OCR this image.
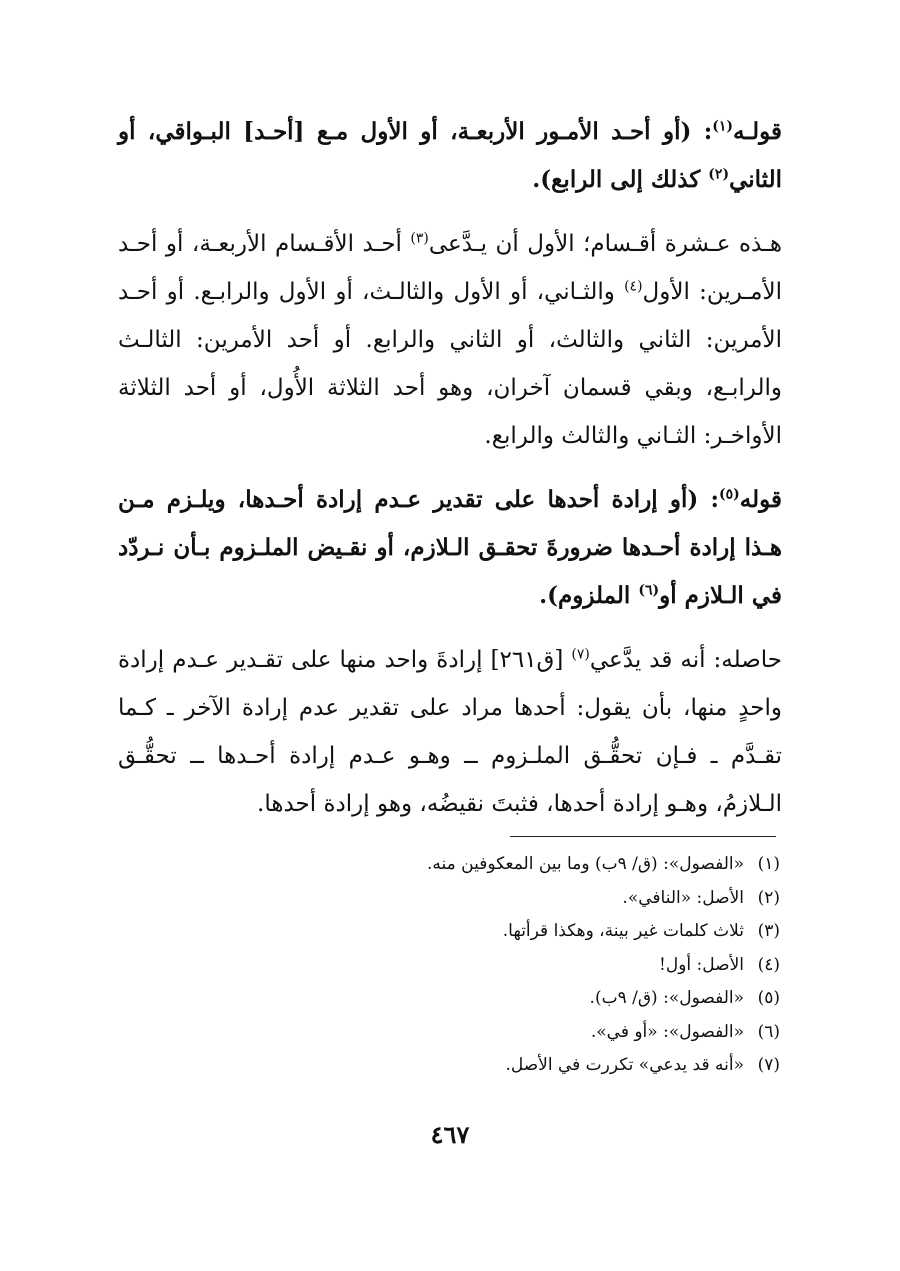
قولـه$^{(١)}$: (أو أحـد الأمـور الأربعـة، أو الأول مـع [أحـد] البـواقي، أو الثاني$^{(٢)}$ كذلك إلى الرابع).

هـذه عـشرة أقـسام؛ الأول أن يـدَّعى$^{(٣)}$ أحـد الأقـسام الأربعـة، أو أحـد الأمـرين: الأول$^{(٤)}$ والثـاني، أو الأول والثالـث، أو الأول والرابـع. أو أحـد الأمرين: الثاني والثالث، أو الثاني والرابع. أو أحد الأمرين: الثالـث والرابـع، وبقي قسمان آخران، وهو أحد الثلاثة الأُول، أو أحد الثلاثة الأواخـر: الثـاني والثالث والرابع.

قوله$^{(٥)}$: (أو إرادة أحدها على تقدير عـدم إرادة أحـدها، ويلـزم مـن هـذا إرادة أحـدها ضرورةَ تحقـق الـلازم، أو نقـيض الملـزوم بـأن نـردّد في الـلازم أو$^{(٦)}$ الملزوم).

حاصله: أنه قد يدَّعي$^{(٧)}$ [ق٢٦١] إرادةَ واحد منها على تقـدير عـدم إرادة واحدٍ منها، بأن يقول: أحدها مراد على تقدير عدم إرادة الآخر ـ كـما تقـدَّم ـ فـإن تحقُّـق الملـزوم ــ وهـو عـدم إرادة أحـدها ــ تحقُّـق الـلازمُ، وهـو إرادة أحدها، فثبتَ نقيضُه، وهو إرادة أحدها.

(١)«الفصول»: (ق/ ٩ب) وما بين المعكوفين منه.
(٢)الأصل: «النافي».
(٣)ثلاث كلمات غير بينة، وهكذا قرأتها.
(٤)الأصل: أول!
(٥)«الفصول»: (ق/ ٩ب).
(٦)«الفصول»: «أو في».
(٧)«أنه قد يدعي» تكررت في الأصل.
٤٦٧
